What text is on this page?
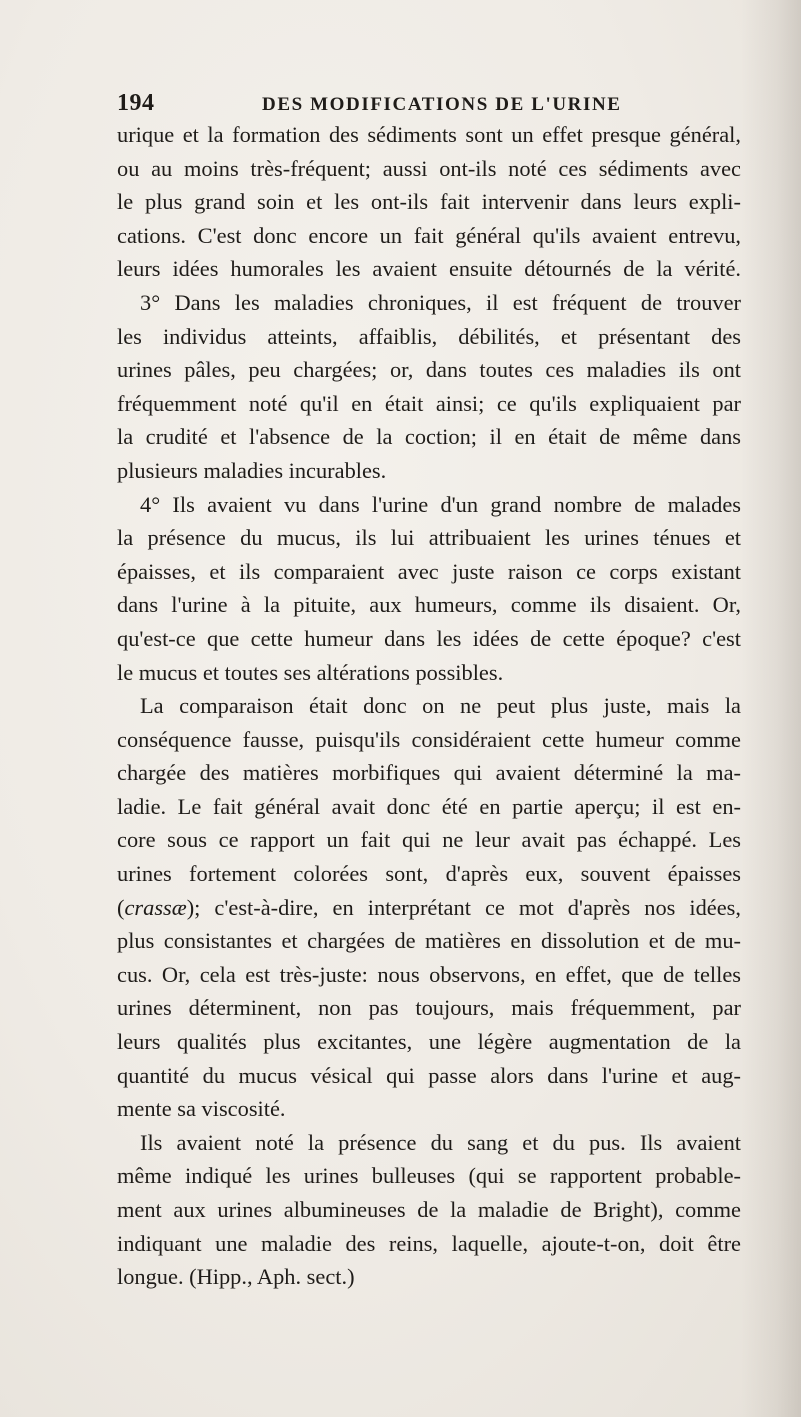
194	DES MODIFICATIONS DE L'URINE
urique et la formation des sédiments sont un effet presque général,
ou au moins très-fréquent; aussi ont-ils noté ces sédiments avec
le plus grand soin et les ont-ils fait intervenir dans leurs expli-
cations. C'est donc encore un fait général qu'ils avaient entrevu,
leurs idées humorales les avaient ensuite détournés de la vérité.
3° Dans les maladies chroniques, il est fréquent de trouver
les individus atteints, affaiblis, débilités, et présentant des
urines pâles, peu chargées; or, dans toutes ces maladies ils ont
fréquemment noté qu'il en était ainsi; ce qu'ils expliquaient par
la crudité et l'absence de la coction; il en était de même dans
plusieurs maladies incurables.
4° Ils avaient vu dans l'urine d'un grand nombre de malades
la présence du mucus, ils lui attribuaient les urines ténues et
épaisses, et ils comparaient avec juste raison ce corps existant
dans l'urine à la pituite, aux humeurs, comme ils disaient. Or,
qu'est-ce que cette humeur dans les idées de cette époque? c'est
le mucus et toutes ses altérations possibles.
La comparaison était donc on ne peut plus juste, mais la
conséquence fausse, puisqu'ils considéraient cette humeur comme
chargée des matières morbifiques qui avaient déterminé la ma-
ladie. Le fait général avait donc été en partie aperçu; il est en-
core sous ce rapport un fait qui ne leur avait pas échappé. Les
urines fortement colorées sont, d'après eux, souvent épaisses
(crassæ); c'est-à-dire, en interprétant ce mot d'après nos idées,
plus consistantes et chargées de matières en dissolution et de mu-
cus. Or, cela est très-juste: nous observons, en effet, que de telles
urines déterminent, non pas toujours, mais fréquemment, par
leurs qualités plus excitantes, une légère augmentation de la
quantité du mucus vésical qui passe alors dans l'urine et aug-
mente sa viscosité.
Ils avaient noté la présence du sang et du pus. Ils avaient
même indiqué les urines bulleuses (qui se rapportent probable-
ment aux urines albumineuses de la maladie de Bright), comme
indiquant une maladie des reins, laquelle, ajoute-t-on, doit être
longue. (Hipp., Aph. sect.)
